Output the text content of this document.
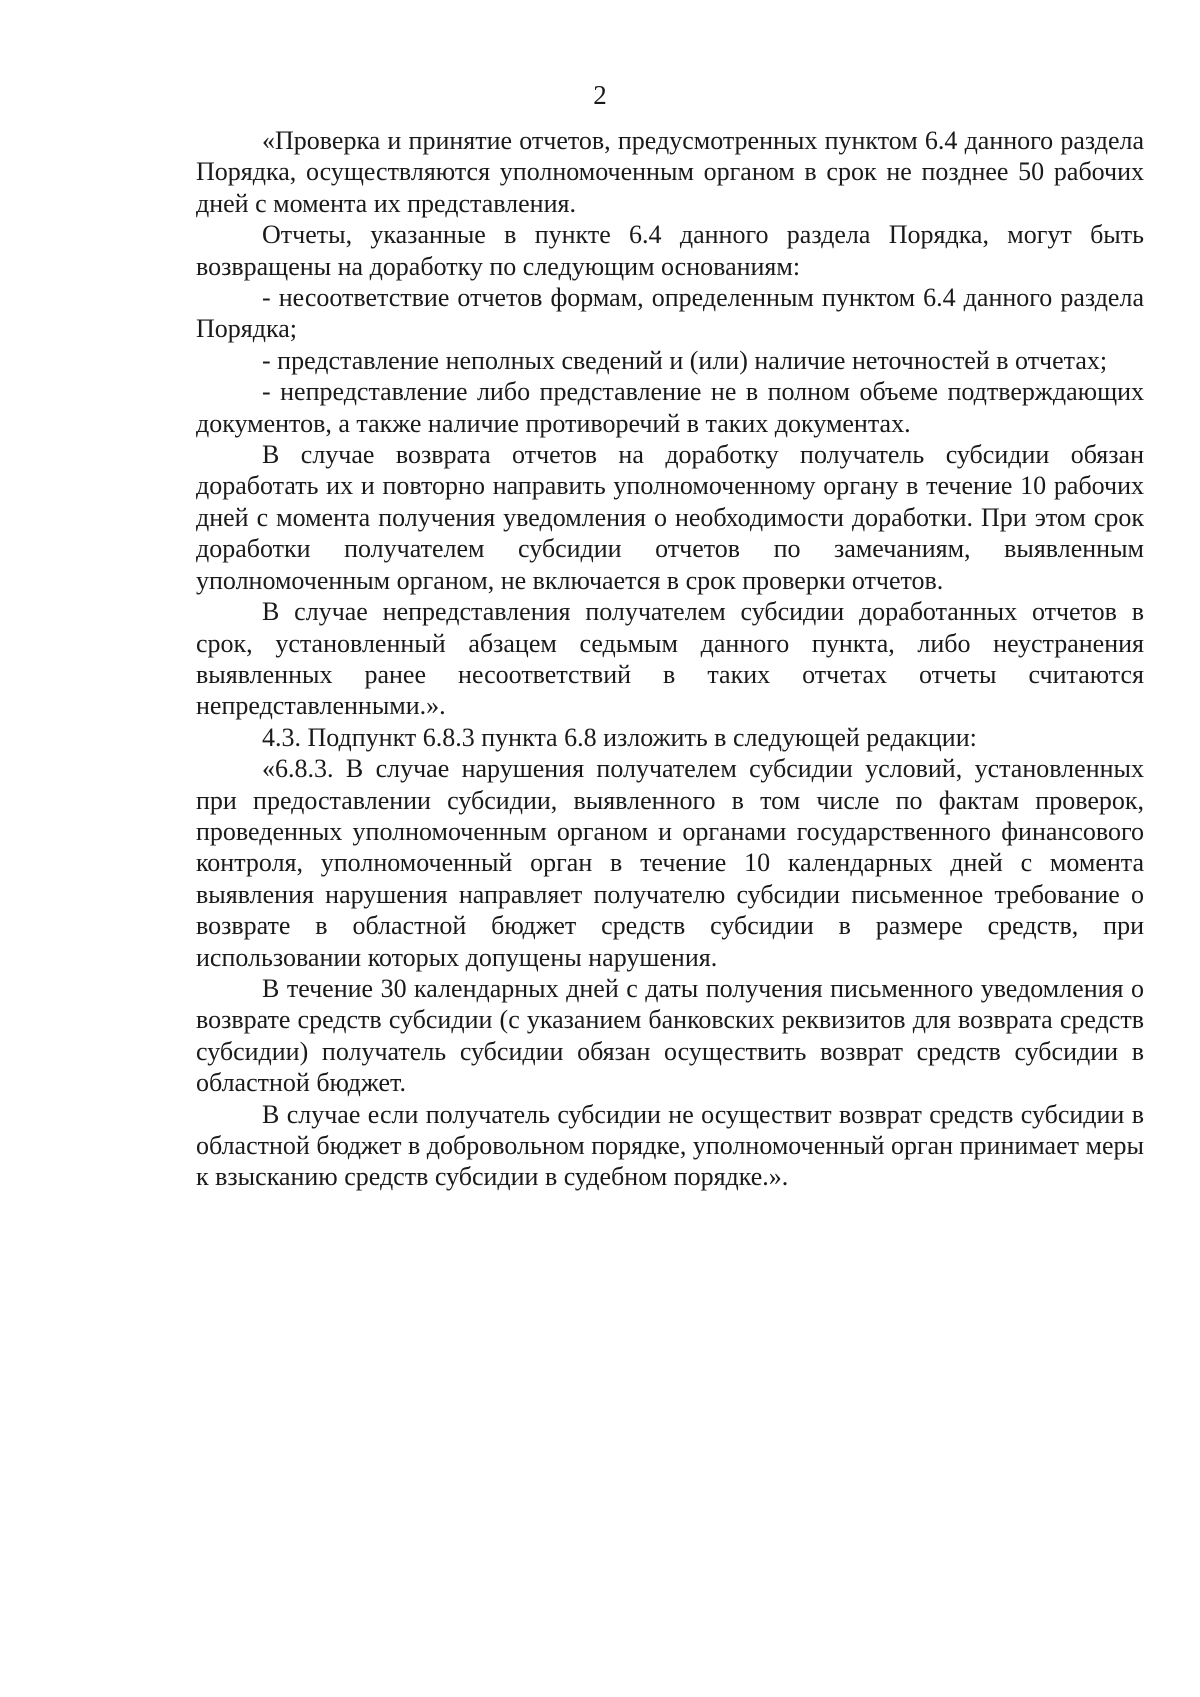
2

«Проверка и принятие отчетов, предусмотренных пунктом 6.4 данного раздела Порядка, осуществляются уполномоченным органом в срок не позднее 50 рабочих дней с момента их представления.

Отчеты, указанные в пункте 6.4 данного раздела Порядка, могут быть возвращены на доработку по следующим основаниям:

- несоответствие отчетов формам, определенным пунктом 6.4 данного раздела Порядка;

- представление неполных сведений и (или) наличие неточностей в отчетах;

- непредставление либо представление не в полном объеме подтверждающих документов, а также наличие противоречий в таких документах.

В случае возврата отчетов на доработку получатель субсидии обязан доработать их и повторно направить уполномоченному органу в течение 10 рабочих дней с момента получения уведомления о необходимости доработки. При этом срок доработки получателем субсидии отчетов по замечаниям, выявленным уполномоченным органом, не включается в срок проверки отчетов.

В случае непредставления получателем субсидии доработанных отчетов в срок, установленный абзацем седьмым данного пункта, либо неустранения выявленных ранее несоответствий в таких отчетах отчеты считаются непредставленными.».

4.3. Подпункт 6.8.3 пункта 6.8 изложить в следующей редакции:

«6.8.3. В случае нарушения получателем субсидии условий, установленных при предоставлении субсидии, выявленного в том числе по фактам проверок, проведенных уполномоченным органом и органами государственного финансового контроля, уполномоченный орган в течение 10 календарных дней с момента выявления нарушения направляет получателю субсидии письменное требование о возврате в областной бюджет средств субсидии в размере средств, при использовании которых допущены нарушения.

В течение 30 календарных дней с даты получения письменного уведомления о возврате средств субсидии (с указанием банковских реквизитов для возврата средств субсидии) получатель субсидии обязан осуществить возврат средств субсидии в областной бюджет.

В случае если получатель субсидии не осуществит возврат средств субсидии в областной бюджет в добровольном порядке, уполномоченный орган принимает меры к взысканию средств субсидии в судебном порядке.».
